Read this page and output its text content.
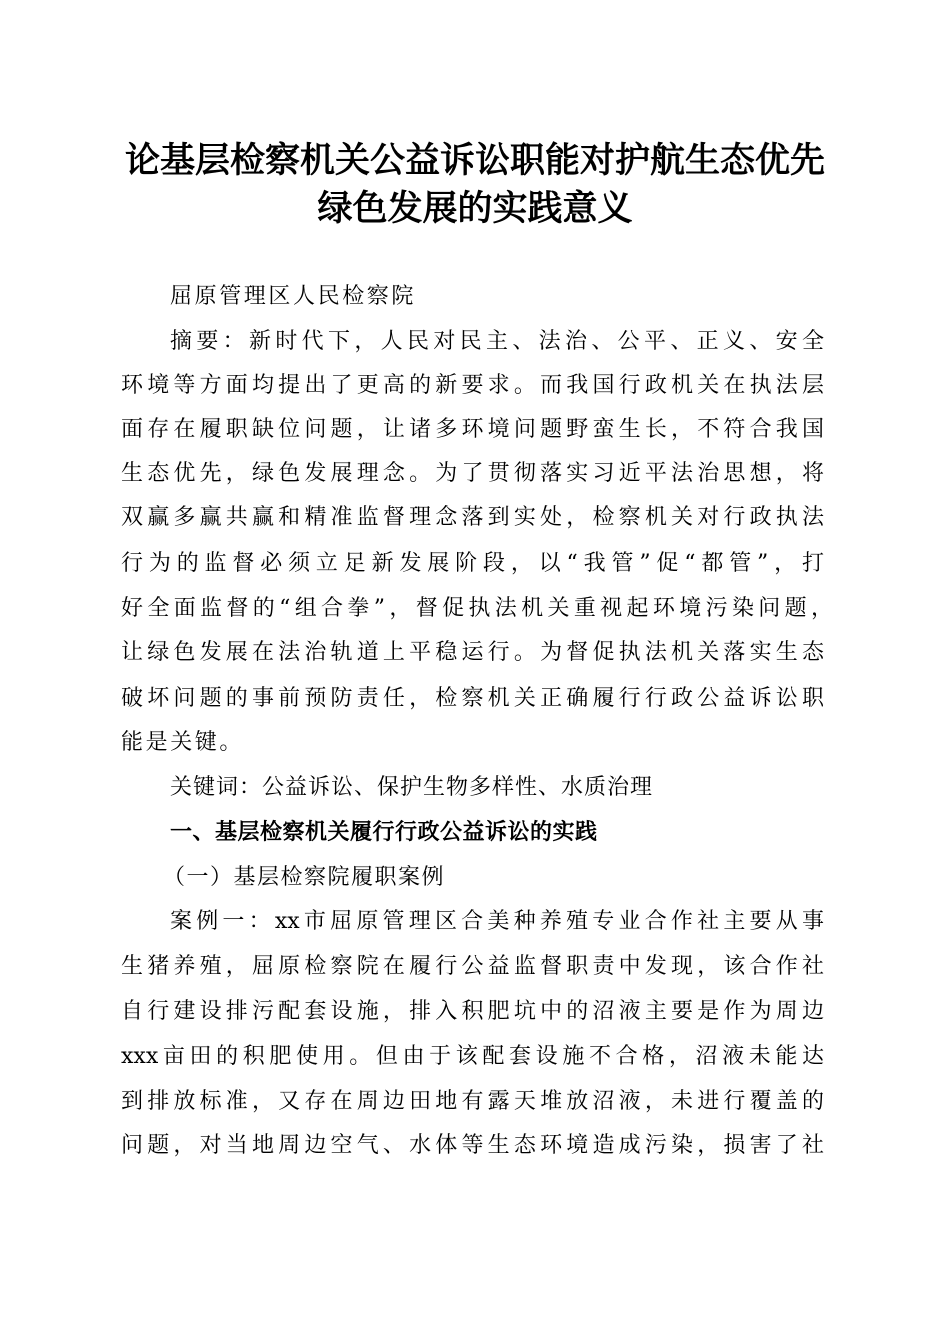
论基层检察机关公益诉讼职能对护航生态优先
绿色发展的实践意义
屈原管理区人民检察院
摘要：新时代下，人民对民主、法治、公平、正义、安全
环境等方面均提出了更高的新要求。而我国行政机关在执法层
面存在履职缺位问题，让诸多环境问题野蛮生长，不符合我国
生态优先，绿色发展理念。为了贯彻落实习近平法治思想，将
双赢多赢共赢和精准监督理念落到实处，检察机关对行政执法
行为的监督必须立足新发展阶段，以“我管”促“都管”，打
好全面监督的“组合拳”，督促执法机关重视起环境污染问题，
让绿色发展在法治轨道上平稳运行。为督促执法机关落实生态
破坏问题的事前预防责任，检察机关正确履行行政公益诉讼职
能是关键。
关键词：公益诉讼、保护生物多样性、水质治理
一、基层检察机关履行行政公益诉讼的实践
（一）基层检察院履职案例
案例一：xx市屈原管理区合美种养殖专业合作社主要从事
生猪养殖，屈原检察院在履行公益监督职责中发现，该合作社
自行建设排污配套设施，排入积肥坑中的沼液主要是作为周边
xxx亩田的积肥使用。但由于该配套设施不合格，沼液未能达
到排放标准，又存在周边田地有露天堆放沼液，未进行覆盖的
问题，对当地周边空气、水体等生态环境造成污染，损害了社
